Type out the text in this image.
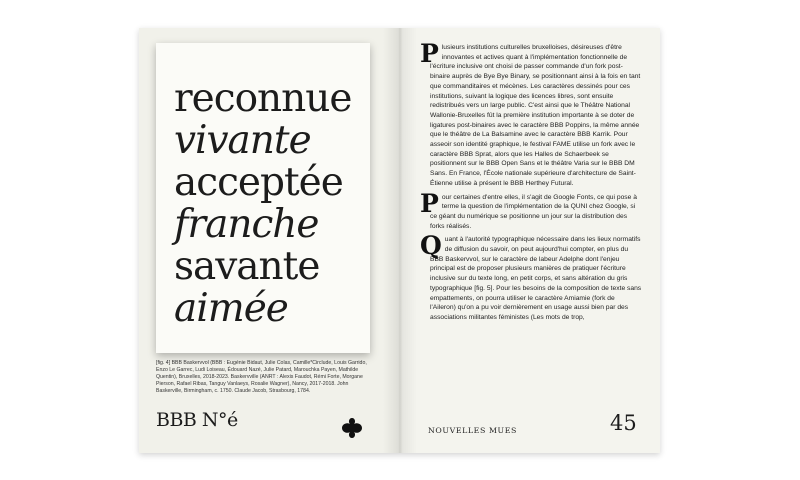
reconnue
vivante
acceptée
franche
savante
aimée
[fig. 4] BBB Baskervvol (BBB : Eugénie Bidaut, Julie Colas, Camille*Circlude, Louis Garrido, Enzo Le Garrec, Ludi Loiseau, Édouard Nazé, Julie Patard, Marouchka Payen, Mathilde Quentin), Bruxelles, 2018-2023. Baskervville (ANRT : Alexis Faudot, Rémi Forte, Morgane Pierson, Rafael Ribas, Tanguy Vanlaeys, Rosalie Wagner), Nancy, 2017-2018. John Baskerville, Birmingham, c. 1750. Claude Jacob, Strasbourg, 1784.
BBB N°é

Plusieurs institutions culturelles bruxelloises, désireuses d'être innovantes et actives quant à l'implémentation fonctionnelle de l'écriture inclusive ont choisi de passer commande d'un fork post-binaire auprès de Bye Bye Binary, se positionnant ainsi à la fois en tant que commanditaires et mécènes. Les caractères dessinés pour ces institutions, suivant la logique des licences libres, sont ensuite redistribués vers un large public. C'est ainsi que le Théâtre National Wallonie-Bruxelles fût la première institution importante à se doter de ligatures post-binaires avec le caractère BBB Poppins, la même année que le théâtre de La Balsamine avec le caractère BBB Karrik. Pour asseoir son identité graphique, le festival FAME utilise un fork avec le caractère BBB Sprat, alors que les Halles de Schaerbeek se positionnent sur le BBB Open Sans et le théâtre Varia sur le BBB DM Sans. En France, l'École nationale supérieure d'architecture de Saint-Étienne utilise à présent le BBB Herthey Futural.

Pour certaines d'entre elles, il s'agit de Google Fonts, ce qui pose à terme la question de l'implémentation de la QUNI chez Google, si ce géant du numérique se positionne un jour sur la distribution des forks réalisés.

Quant à l'autorité typographique nécessaire dans les lieux normatifs de diffusion du savoir, on peut aujourd'hui compter, en plus du BBB Baskervvol, sur le caractère de labeur Adelphe dont l'enjeu principal est de proposer plusieurs manières de pratiquer l'écriture inclusive sur du texte long, en petit corps, et sans altération du gris typographique [fig. 5]. Pour les besoins de la composition de texte sans empattements, on pourra utiliser le caractère Amiamie (fork de l'Aileron) qu'on a pu voir dernièrement en usage aussi bien par des associations militantes féministes (Les mots de trop,

NOUVELLES MUES	45
